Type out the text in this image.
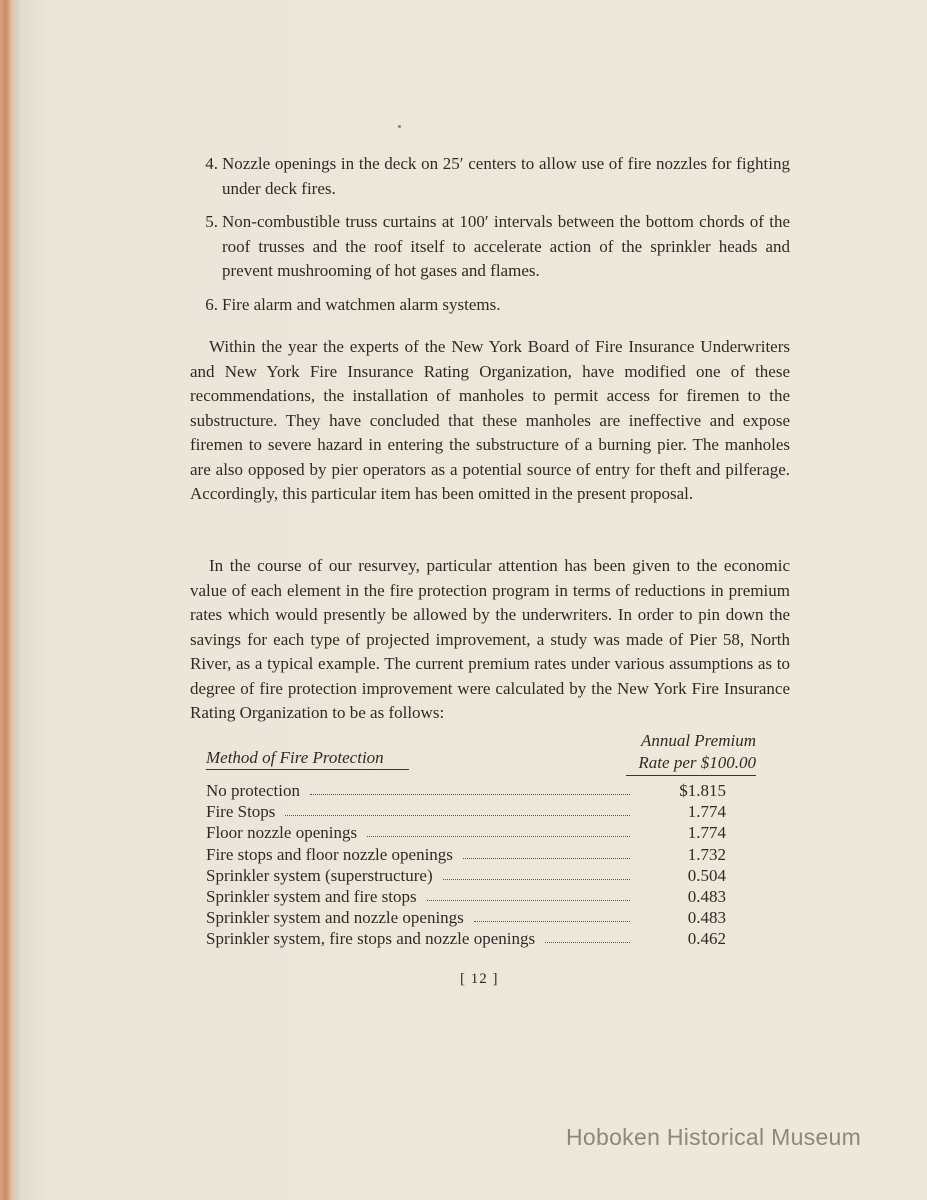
4. Nozzle openings in the deck on 25′ centers to allow use of fire nozzles for fighting under deck fires.
5. Non-combustible truss curtains at 100′ intervals between the bottom chords of the roof trusses and the roof itself to accelerate action of the sprinkler heads and prevent mushrooming of hot gases and flames.
6. Fire alarm and watchmen alarm systems.

Within the year the experts of the New York Board of Fire Insurance Underwriters and New York Fire Insurance Rating Organization, have modified one of these recommendations, the installation of manholes to permit access for firemen to the substructure. They have concluded that these manholes are ineffective and expose firemen to severe hazard in entering the substructure of a burning pier. The manholes are also opposed by pier operators as a potential source of entry for theft and pilferage. Accordingly, this particular item has been omitted in the present proposal.

In the course of our resurvey, particular attention has been given to the economic value of each element in the fire protection program in terms of reductions in premium rates which would presently be allowed by the underwriters. In order to pin down the savings for each type of projected improvement, a study was made of Pier 58, North River, as a typical example. The current premium rates under various assumptions as to degree of fire protection improvement were calculated by the New York Fire Insurance Rating Organization to be as follows:

Method of Fire Protection
Annual Premium

Rate per $100.00
No protection	$1.815
Fire Stops	1.774
Floor nozzle openings	1.774
Fire stops and floor nozzle openings	1.732
Sprinkler system (superstructure)	0.504
Sprinkler system and fire stops	0.483
Sprinkler system and nozzle openings	0.483
Sprinkler system, fire stops and nozzle openings	0.462
[ 12 ]
Hoboken Historical Museum
